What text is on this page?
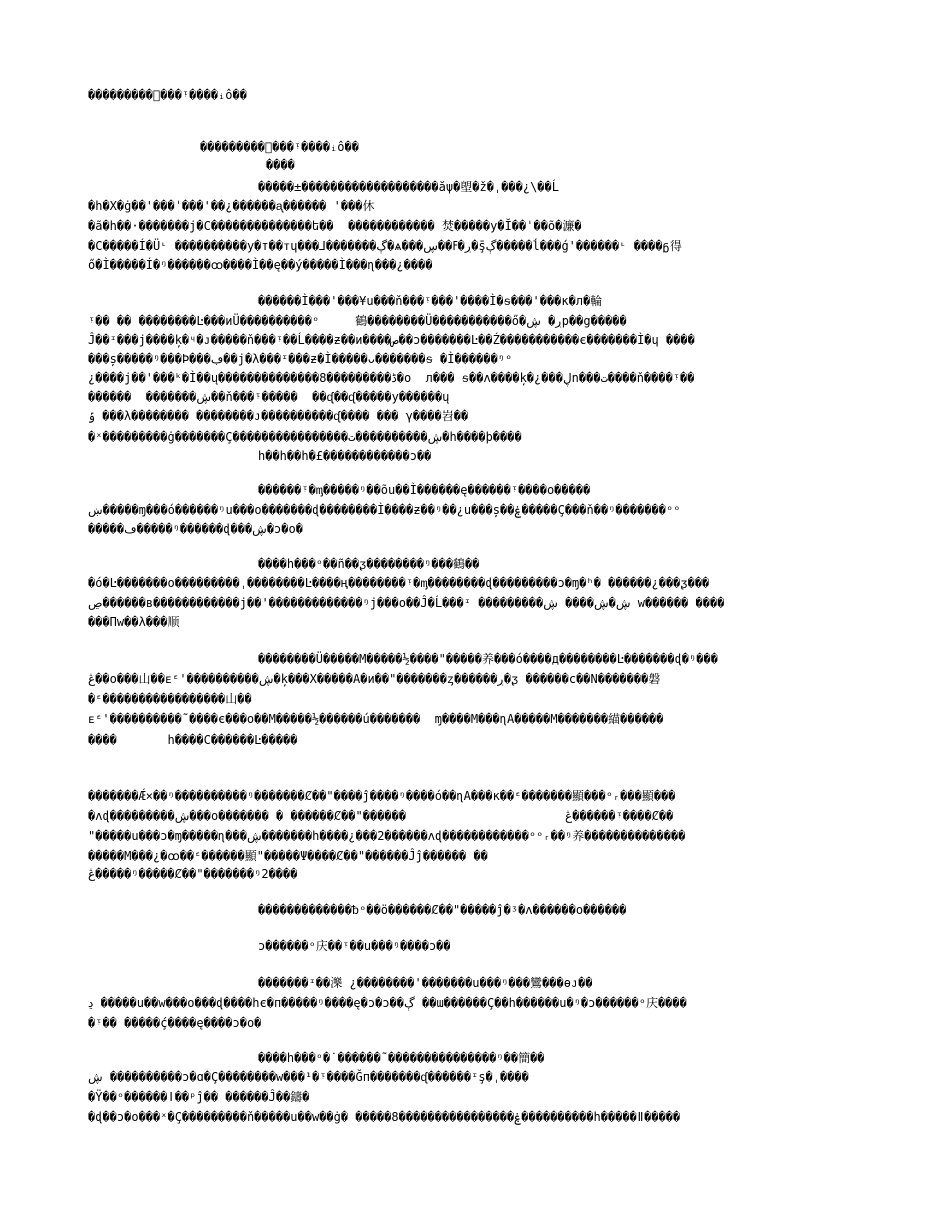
���������ᷝ���ᵎ����ᵢô��
���������ᷝ���ᵎ����ᵢô��
����
�����±�������������������ăψ�塱�ž�ˌ���¿\��Ĺ
�h�X�ġ��'���ˈ���'��¿������ᶏ������ '���休
�ã�h��·�������j�C��������������ե��  ������������ 焚�����у�Ĭ��ˈ��õ�濂�
�C�����Í�Üᶫ ����������у�т��ᴛɥ���⅃�������ڳ�ѧ���ڔ�ߓ��ڛ�ş̄ڳ�����ĺ���ǵ'������ᶫ ����ᵷ得
ő�Ì�����Í�ᵑ������ꝏ����Ì��ę��ý�����Ì���ɳ���¿����
������Ì���'���¥u���ň���ᵎ���'����Ì�ᵴ���'���ĸ�л�輪
ᵎ�� �� ��������Ŀ���иÜ����������ᵒ     鶴��������Ü�����������ő�ڔ� ڜp��g�����
Ĵ��ᶦ���j����ķ�ᶣ�ᴊ�����ň���ᵎ��Ĺ����ƶ��и����ص��ɔ�������Ŀ��Ź�����������є�������Ì�ɥ ����
���ș�����ᵑ���Ϸ���ڢ��j�λ���ᶦ���ƶ�Ì�����ᴗ�������ᵴ �Ì������ᵑᵒ
¿����j��'���ᵏ�Ì��ų��������������8���������ڈ�o  л��� ᵴ��ʌ����ķ�¿���ڸn���ت����ň����ᵎ��
������  �������ڜ��ň���ᵎ�����  ��ᶑ��ᶑ�����у������ų
ݹ ���λ�������� ��������ᴊ����������ᶑ���� ��� γ����岧��
�ˣ���������ġ�������Ç����������������ڜ����������ت�h����þ����
h��h��h�£������������ɔ��
������ᵎ�ᶆ�����ᵑ��õu��Ì������ę������ᵎ����o�����
ښ�����ɱ���ó������ᵑu���o�������ɖ��������Ì����ƶ��ᵑ��¿u���ș��ۼ�����Ç���ň��ᵑ�������ᵒᵒ
�����ڡ�����ᵑ������ɖ���ڜ�ɔ�o�
����h���ᵒ��ñ��ᶚ��������ᵑ���鶴��
�ó�Ŀ�������o���������ˌ��������Ŀ����ң��������ᵎ�ᶆ��������ɖ���������ɔ�ɱ�ʰ� ������¿���ᶚ���
ڝ������в������������j��'�������������ᵑj���o��Ĵ�Ĺ���ᶦ ���������ڜ�ڜ���� ڜ w������ ����
���Пw��λ���顺
��������Ü�����М�����½����"�����养���ó����д��������Ŀ�������ɖ�ᵑ���
ڠ��o���山��ᴇᵋ'����������ڜ�ķ���X�����А�и��"�������ᶎ������ڔ�ᶚ ������c��N�������磐
�ᵋ�����������������山��
ᴇᵋ'����������˜����є���o��М�����½������ú�������  ɱ����М���ɳА�����М�������緢������
����       h����C������Ŀ�����
�������Ǽ×��ᵑ����������ᵑ�������Ȼ��"����ĵ����ᵑ����ó��ɳА���ĸ��ᵋ�������顯���ᵒᵣ���顯���
�ʌɖ���������ڜ���o������� � ������Ȼ��"������                      ڠ������ᵎ����Ȼ��
"�����u���ɔ�ɱ�����ɳ���ڜ�������h����¿���2������ʌɖ������������ᵒᵒᵣ��ᵑ养��������������
�����М���¿�ꝏ��ᵋ������顯"�����Ψ����Ȼ��"������Ĵĵ������ ��
ڠ�����ᵑ�����Ȼ��"�������ᵑ2����
�������������ᵬᵒ��ö������Ȼ��"�����ĵ�ᶾ�ʌ������o������
ɔ������ᵒ庆��ᵎ��u���ᵑ����ɔ��
�������ᶦ��濼 ¿��������'�������u���ᵑ���鸞���ɵᴊ��
ڍ �����u��w���o���ɖ����һє�п�����ᵑ����ę�ɔ�ɔ��ڳ ��ɯ������Ç��h������u�ᵑ�ɔ������ᵒ庆����
�ᵎ�� �����ḉ����ę����ɔ�o�
����h���ᵒ�˙������˜���������������ᵑ��簡��
ڜ ����������ɔ�ɑ�Ç��������w���¹�ᵎ����Ğп�������ᶑ������ᶦş�ˌ����
�Ÿ��ᵒ������ǀ��ᵖĵ�� ������Ĵ��鑄�
�ɖ��ɔ�o���ˣ�Ç���������ň�����u��w��ġ� �����8����������������ۼ����������h�����ǁ�����
